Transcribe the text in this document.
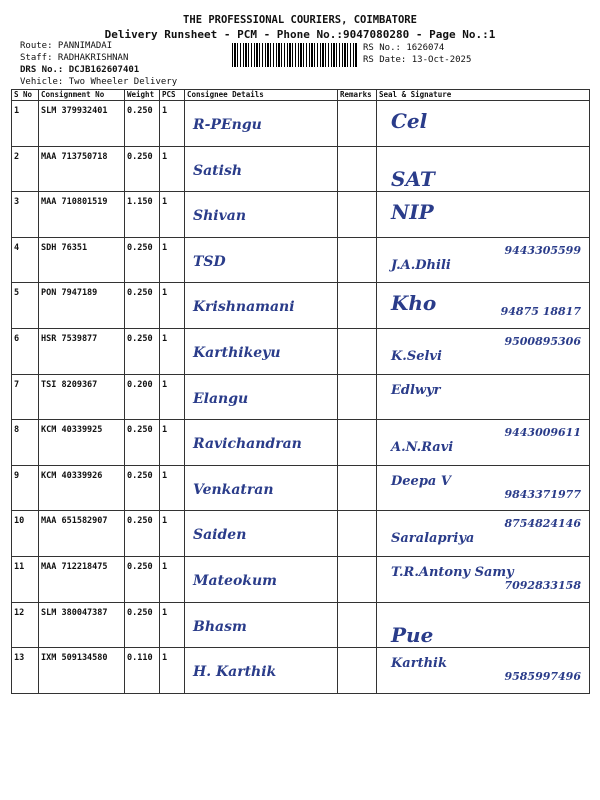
THE PROFESSIONAL COURIERS, COIMBATORE
Delivery Runsheet - PCM - Phone No.:9047080280 - Page No.:1
Route: PANNIMADAI
Staff: RADHAKRISHNAN
DRS No.: DCJB162607401
Vehicle: Two Wheeler Delivery
RS No.: 1626074
RS Date: 13-Oct-2025
S No	Consignment No	Weight	PCS	Consignee Details	Remarks	Seal & Signature
1	SLM 379932401	0.250	1	R-PEngu		Cel

2	MAA 713750718	0.250	1	Satish		SAT

3	MAA 710801519	1.150	1	Shivan		NIP

4	SDH 76351	0.250	1	TSD		J.A.Dhili
9443305599

5	PON 7947189	0.250	1	Krishnamani		Kho 94875 18817

6	HSR 7539877	0.250	1	Karthikeyu		K.Selvi
9500895306

7	TSI 8209367	0.200	1	Elangu		Edlwyr

8	KCM 40339925	0.250	1	Ravichandran		A.N.Ravi
9443009611

9	KCM 40339926	0.250	1	Venkatran		Deepa V
9843371977

10	MAA 651582907	0.250	1	Saiden		Saralapriya
8754824146

11	MAA 712218475	0.250	1	Mateokum		T.R.Antony Samy
7092833158

12	SLM 380047387	0.250	1	Bhasm		Pue

13	IXM 509134580	0.110	1	H. Karthik		Karthik
9585997496
